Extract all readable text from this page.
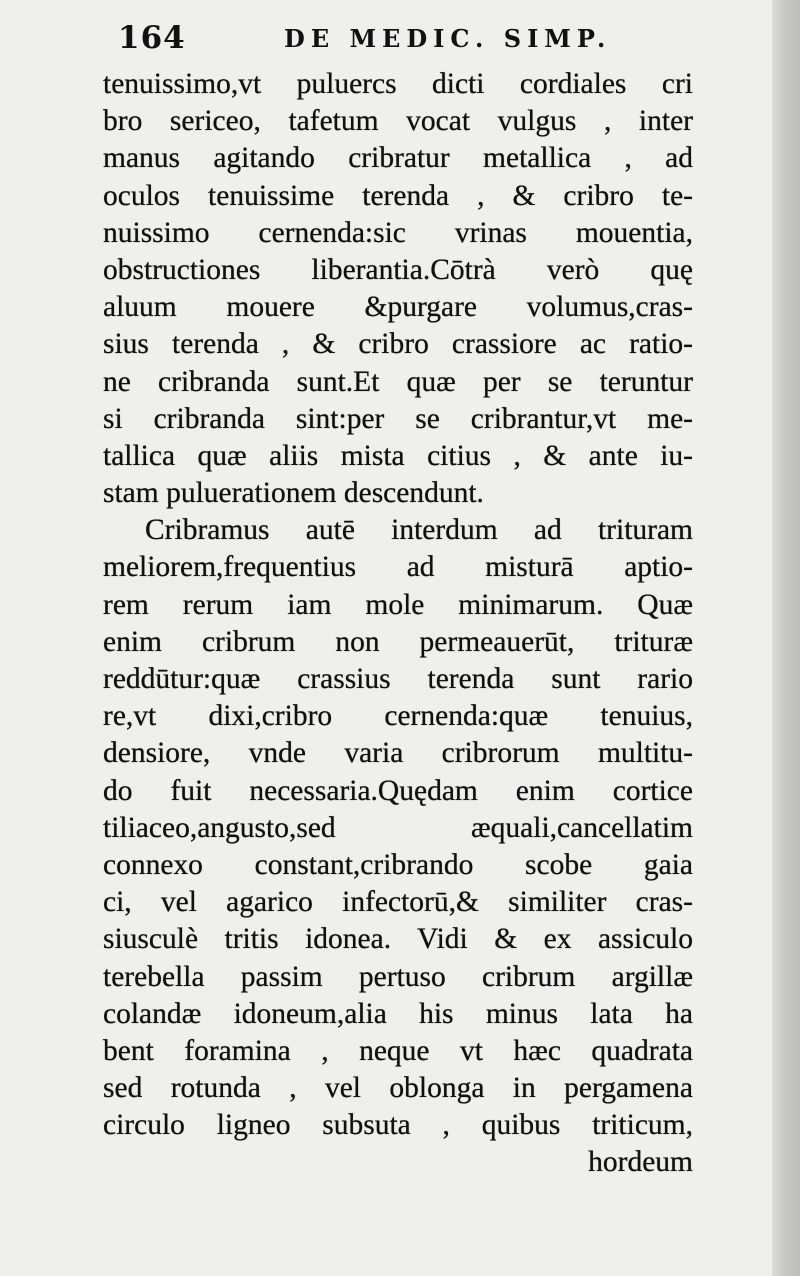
164	DE MEDIC. SIMP.
tenuissimo,vt puluercs dicti cordiales cri
bro sericeo, tafetum vocat vulgus , inter
manus agitando cribratur metallica , ad
oculos tenuissime terenda , & cribro te-
nuissimo cernenda:sic vrinas mouentia,
obstructiones liberantia.Cōtrà verò quę
aluum mouere &purgare volumus,cras-
sius terenda , & cribro crassiore ac ratio-
ne cribranda sunt.Et quæ per se teruntur
si cribranda sint:per se cribrantur,vt me-
tallica quæ aliis mista citius , & ante iu-
stam puluerationem descendunt.
Cribramus autē interdum ad trituram
meliorem,frequentius ad misturā aptio-
rem rerum iam mole minimarum. Quæ
enim cribrum non permeauerūt, trituræ
reddūtur:quæ crassius terenda sunt rario
re,vt dixi,cribro cernenda:quæ tenuius,
densiore, vnde varia cribrorum multitu-
do fuit necessaria.Quędam enim cortice
tiliaceo,angusto,sed æquali,cancellatim
connexo constant,cribrando scobe gaia
ci, vel agarico infectorū,& similiter cras-
siusculè tritis idonea. Vidi & ex assiculo
terebella passim pertuso cribrum argillæ
colandæ idoneum,alia his minus lata ha
bent foramina , neque vt hæc quadrata
sed rotunda , vel oblonga in pergamena
circulo ligneo subsuta , quibus triticum,
hordeum
